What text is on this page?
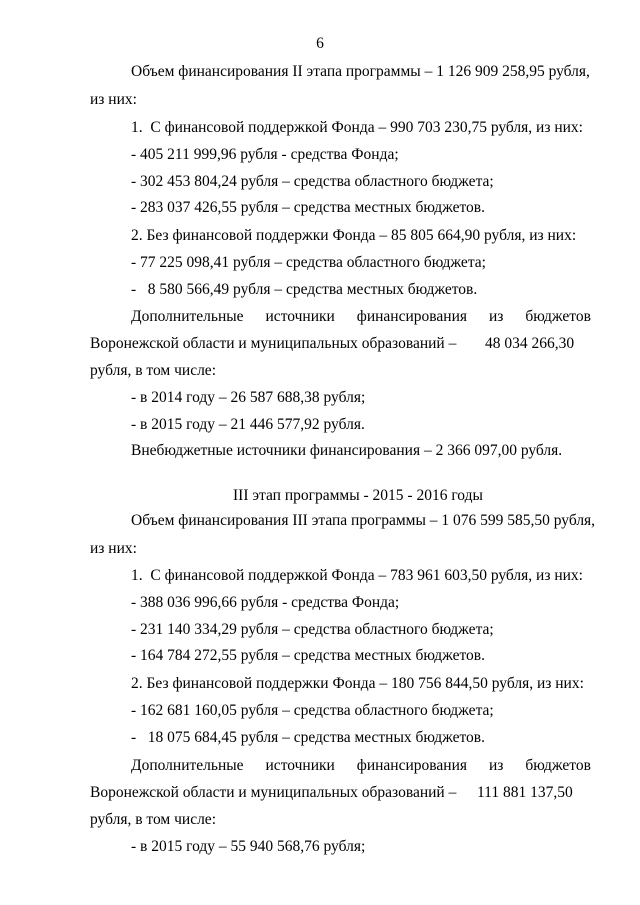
6
Объем финансирования II этапа программы – 1 126 909 258,95 рубля,
из них:
1.  С финансовой поддержкой Фонда – 990 703 230,75 рубля, из них:
- 405 211 999,96 рубля - средства Фонда;
- 302 453 804,24 рубля – средства областного бюджета;
- 283 037 426,55 рубля – средства местных бюджетов.
2. Без финансовой поддержки Фонда – 85 805 664,90 рубля, из них:
- 77 225 098,41 рубля – средства областного бюджета;
-   8 580 566,49 рубля – средства местных бюджетов.
Дополнительные источники финансирования из бюджетов
Воронежской области и муниципальных образований – 48 034 266,30
рубля, в том числе:
- в 2014 году – 26 587 688,38 рубля;
- в 2015 году – 21 446 577,92 рубля.
Внебюджетные источники финансирования – 2 366 097,00 рубля.
III этап программы - 2015 - 2016 годы
Объем финансирования III этапа программы – 1 076 599 585,50 рубля,
из них:
1.  С финансовой поддержкой Фонда – 783 961 603,50 рубля, из них:
- 388 036 996,66 рубля - средства Фонда;
- 231 140 334,29 рубля – средства областного бюджета;
- 164 784 272,55 рубля – средства местных бюджетов.
2. Без финансовой поддержки Фонда – 180 756 844,50 рубля, из них:
- 162 681 160,05 рубля – средства областного бюджета;
-   18 075 684,45 рубля – средства местных бюджетов.
Дополнительные источники финансирования из бюджетов
Воронежской области и муниципальных образований – 111 881 137,50
рубля, в том числе:
- в 2015 году – 55 940 568,76 рубля;
